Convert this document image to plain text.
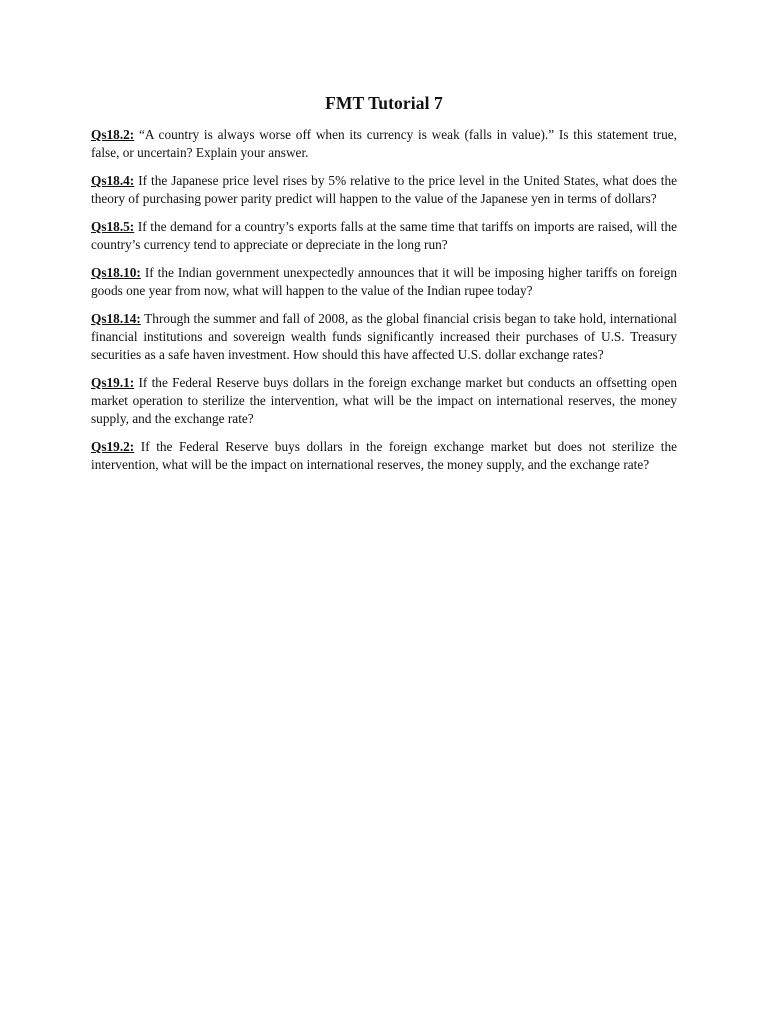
FMT Tutorial 7

Qs18.2: “A country is always worse off when its currency is weak (falls in value).” Is this statement true, false, or uncertain? Explain your answer.

Qs18.4: If the Japanese price level rises by 5% relative to the price level in the United States, what does the theory of purchasing power parity predict will happen to the value of the Japanese yen in terms of dollars?

Qs18.5: If the demand for a country’s exports falls at the same time that tariffs on imports are raised, will the country’s currency tend to appreciate or depreciate in the long run?

Qs18.10: If the Indian government unexpectedly announces that it will be imposing higher tariffs on foreign goods one year from now, what will happen to the value of the Indian rupee today?

Qs18.14: Through the summer and fall of 2008, as the global financial crisis began to take hold, international financial institutions and sovereign wealth funds significantly increased their purchases of U.S. Treasury securities as a safe haven investment. How should this have affected U.S. dollar exchange rates?

Qs19.1: If the Federal Reserve buys dollars in the foreign exchange market but conducts an offsetting open market operation to sterilize the intervention, what will be the impact on international reserves, the money supply, and the exchange rate?

Qs19.2: If the Federal Reserve buys dollars in the foreign exchange market but does not sterilize the intervention, what will be the impact on international reserves, the money supply, and the exchange rate?
